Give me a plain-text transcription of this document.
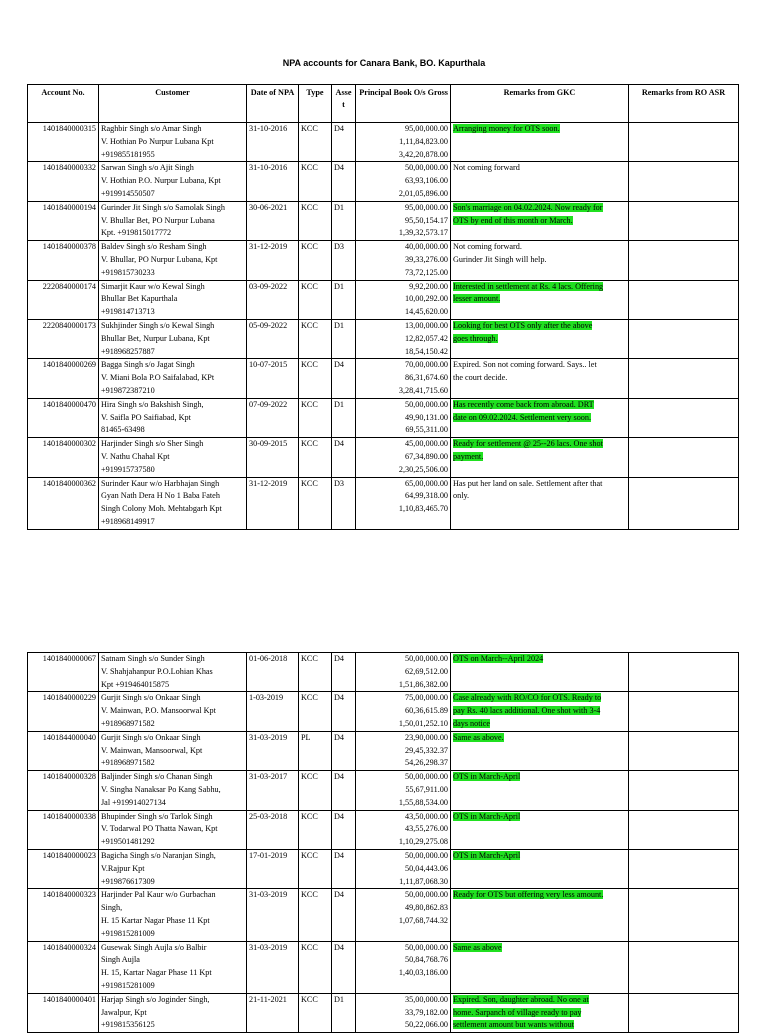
NPA accounts for Canara Bank, BO. Kapurthala
Account No.	Customer	Date of NPA	Type	Asse t	Principal Book O/s Gross	Remarks from GKC	Remarks from RO ASR
1401840000315	Raghbir Singh s/o Amar Singh
V. Hothian Po Nurpur Lubana Kpt
+919855181955	31-10-2016	KCC	D4	95,00,000.00
1,11,84,823.00
3,42,20,878.00	Arranging money for OTS soon.	
1401840000332	Sarwan Singh s/o Ajit Singh
V. Hothian P.O. Nurpur Lubana, Kpt
+919914550507	31-10-2016	KCC	D4	50,00,000.00
63,93,106.00
2,01,05,896.00	Not coming forward	
1401840000194	Gurinder Jit Singh s/o Samolak Singh
V. Bhullar Bet, PO Nurpur Lubana
Kpt. +919815017772	30-06-2021	KCC	D1	95,00,000.00
95,50,154.17
1,39,32,573.17	Son's marriage on 04.02.2024. Now ready for
OTS by end of this month or March.	
1401840000378	Baldev Singh s/o Resham Singh
V. Bhullar, PO Nurpur Lubana, Kpt
+919815730233	31-12-2019	KCC	D3	40,00,000.00
39,33,276.00
73,72,125.00	Not coming forward.
Gurinder Jit Singh will help.	
2220840000174	Simarjit Kaur w/o Kewal Singh
Bhullar Bet Kapurthala
+919814713713	03-09-2022	KCC	D1	9,92,200.00
10,00,292.00
14,45,620.00	Interested in settlement at Rs. 4 lacs. Offering
lesser amount.	
2220840000173	Sukhjinder Singh s/o Kewal Singh
Bhullar Bet, Nurpur Lubana, Kpt
+918968257887	05-09-2022	KCC	D1	13,00,000.00
12,82,057.42
18,54,150.42	Looking for best OTS only after the above
goes through.	
1401840000269	Bagga Singh s/o Jagat Singh
V. Miani Bola P.O Saifalabad, KPt
+919872387210	10-07-2015	KCC	D4	70,00,000.00
86,31,674.60
3,28,41,715.60	Expired. Son not coming forward. Says.. let
the court decide.	
1401840000470	Hira Singh s/o Bakshish Singh,
V. Saifla PO Saifiabad, Kpt
81465-63498	07-09-2022	KCC	D1	50,00,000.00
49,90,131.00
69,55,311.00	Has recently come back from abroad. DRT
date on 09.02.2024. Settlement very soon.	
1401840000302	Harjinder Singh s/o Sher Singh
V. Nathu Chahal Kpt
+919915737580	30-09-2015	KCC	D4	45,00,000.00
67,34,890.00
2,30,25,506.00	Ready for settlement @ 25--26 lacs. One shot
payment.	
1401840000362	Surinder Kaur w/o Harbhajan Singh
Gyan Nath Dera H No 1 Baba Fateh
Singh Colony Moh. Mehtabgarh Kpt
+918968149917	31-12-2019	KCC	D3	65,00,000.00
64,99,318.00
1,10,83,465.70	Has put her land on sale. Settlement after that
only.	
1401840000067	Satnam Singh s/o Sunder Singh
V. Shahjahanpur P.O.Lohian Khas
Kpt +919464015875	01-06-2018	KCC	D4	50,00,000.00
62,69,512.00
1,51,86,382.00	OTS on March--April 2024	
1401840000229	Gurjit Singh s/o Onkaar Singh
V. Mainwan, P.O. Mansoorwal Kpt
+918968971582	1-03-2019	KCC	D4	75,00,000.00
60,36,615.89
1,50,01,252.10	Case already with RO/CO for OTS. Ready to
pay Rs. 40 lacs additional. One shot with 3-4
days notice	
1401844000040	Gurjit Singh s/o Onkaar Singh
V. Mainwan, Mansoorwal, Kpt
+918968971582	31-03-2019	PL	D4	23,90,000.00
29,45,332.37
54,26,298.37	Same as above.	
1401840000328	Baljinder Singh s/o Chanan Singh
V. Singha Nanaksar Po Kang Sabhu,
Jal +919914027134	31-03-2017	KCC	D4	50,00,000.00
55,67,911.00
1,55,88,534.00	OTS in March-April	
1401840000338	Bhupinder Singh s/o Tarlok Singh
V. Todarwal PO Thatta Nawan, Kpt
+919501481292	25-03-2018	KCC	D4	43,50,000.00
43,55,276.00
1,10,29,275.08	OTS in March-April	
1401840000023	Bagicha Singh s/o Naranjan Singh,
V.Rajpur Kpt
+919876617309	17-01-2019	KCC	D4	50,00,000.00
50,04,443.06
1,11,87,068.30	OTS in March-April	
1401840000323	Harjinder Pal Kaur w/o Gurbachan
Singh,
H. 15 Kartar Nagar Phase 11 Kpt
+919815281009	31-03-2019	KCC	D4	50,00,000.00
49,80,862.83
1,07,68,744.32	Ready for OTS but offering very less amount.	
1401840000324	Gusewak Singh Aujla s/o Balbir
Singh Aujla
H. 15, Kartar Nagar Phase 11 Kpt
+919815281009	31-03-2019	KCC	D4	50,00,000.00
50,84,768.76
1,40,03,186.00	Same as above	
1401840000401	Harjap Singh s/o Joginder Singh,
Jawalpur, Kpt
+919815356125	21-11-2021	KCC	D1	35,00,000.00
33,79,182.00
50,22,066.00	Expired. Son, daughter abroad. No one at
home. Sarpanch of village ready to pay
settlement amount but wants without	
